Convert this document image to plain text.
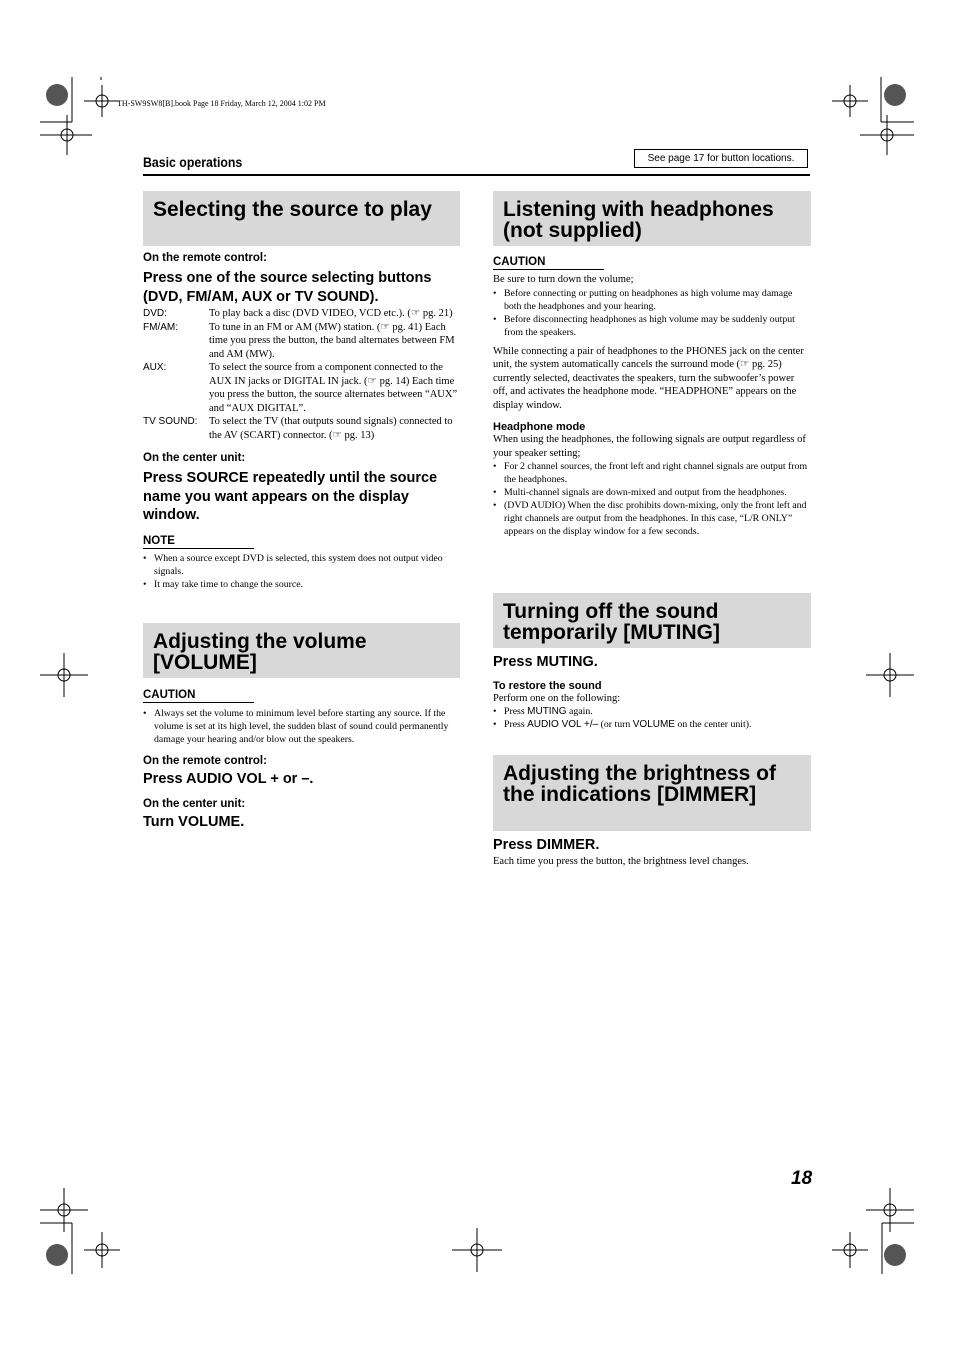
TH-SW9SW8[B].book Page 18 Friday, March 12, 2004 1:02 PM
Basic operations	See page 17 for button locations.
Selecting the source to play
On the remote control:
Press one of the source selecting buttons (DVD, FM/AM, AUX or TV SOUND).
DVD:	To play back a disc (DVD VIDEO, VCD etc.). (☞ pg. 21)
FM/AM:	To tune in an FM or AM (MW) station. (☞ pg. 41) Each time you press the button, the band alternates between FM and AM (MW).
AUX:	To select the source from a component connected to the AUX IN jacks or DIGITAL IN jack. (☞ pg. 14) Each time you press the button, the source alternates between “AUX” and “AUX DIGITAL”.
TV SOUND:	To select the TV (that outputs sound signals) connected to the AV (SCART) connector. (☞ pg. 13)
On the center unit:
Press SOURCE repeatedly until the source name you want appears on the display window.
NOTE
• When a source except DVD is selected, this system does not output video signals.
• It may take time to change the source.
Adjusting the volume [VOLUME]
CAUTION
• Always set the volume to minimum level before starting any source. If the volume is set at its high level, the sudden blast of sound could permanently damage your hearing and/or blow out the speakers.
On the remote control:
Press AUDIO VOL + or –.
On the center unit:
Turn VOLUME.
Listening with headphones (not supplied)
CAUTION
Be sure to turn down the volume;
• Before connecting or putting on headphones as high volume may damage both the headphones and your hearing.
• Before disconnecting headphones as high volume may be suddenly output from the speakers.
While connecting a pair of headphones to the PHONES jack on the center unit, the system automatically cancels the surround mode (☞ pg. 25) currently selected, deactivates the speakers, turn the subwoofer’s power off, and activates the headphone mode. “HEADPHONE” appears on the display window.
Headphone mode
When using the headphones, the following signals are output regardless of your speaker setting;
• For 2 channel sources, the front left and right channel signals are output from the headphones.
• Multi-channel signals are down-mixed and output from the headphones.
• (DVD AUDIO) When the disc prohibits down-mixing, only the front left and right channels are output from the headphones. In this case, “L/R ONLY” appears on the display window for a few seconds.
Turning off the sound temporarily [MUTING]
Press MUTING.
To restore the sound
Perform one on the following:
• Press MUTING again.
• Press AUDIO VOL +/– (or turn VOLUME on the center unit).
Adjusting the brightness of the indications [DIMMER]
Press DIMMER.
Each time you press the button, the brightness level changes.
18
